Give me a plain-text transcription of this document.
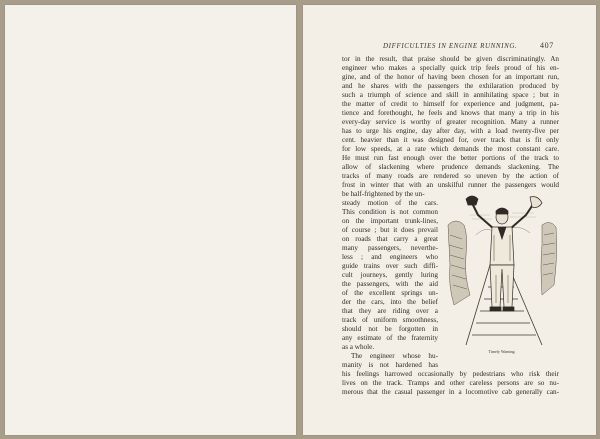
DIFFICULTIES IN ENGINE RUNNING.	407
tor in the result, that praise should be given discriminatingly. An
engineer who makes a specially quick trip feels proud of his en-
gine, and of the honor of having been chosen for an important run,
and he shares with the passengers the exhilaration produced by
such a triumph of science and skill in annihilating space ; but in
the matter of credit to himself for experience and judgment, pa-
tience and forethought, he feels and knows that many a trip in his
every-day service is worthy of greater recognition. Many a runner
has to urge his engine, day after day, with a load twenty-five per
cent. heavier than it was designed for, over track that is fit only
for low speeds, at a rate which demands the most constant care.
He must run fast enough over the better portions of the track to
allow of slackening where prudence demands slackening. The
tracks of many roads are rendered so uneven by the action of
frost in winter that with an unskilful runner the passengers would
be half-frightened by the un-
steady motion of the cars.
This condition is not common
on the important trunk-lines,
of course ; but it does prevail
on roads that carry a great
many passengers, neverthe-
less ; and engineers who
guide trains over such diffi-
cult journeys, gently luring
the passengers, with the aid
of the excellent springs un-
der the cars, into the belief
that they are riding over a
track of uniform smoothness,
should not be forgotten in
any estimate of the fraternity
as a whole.
The engineer whose hu-
manity is not hardened has
his feelings harrowed occasionally by pedestrians who risk their
lives on the track. Tramps and other careless persons are so nu-
merous that the casual passenger in a locomotive cab generally can-
Timely Warning.
